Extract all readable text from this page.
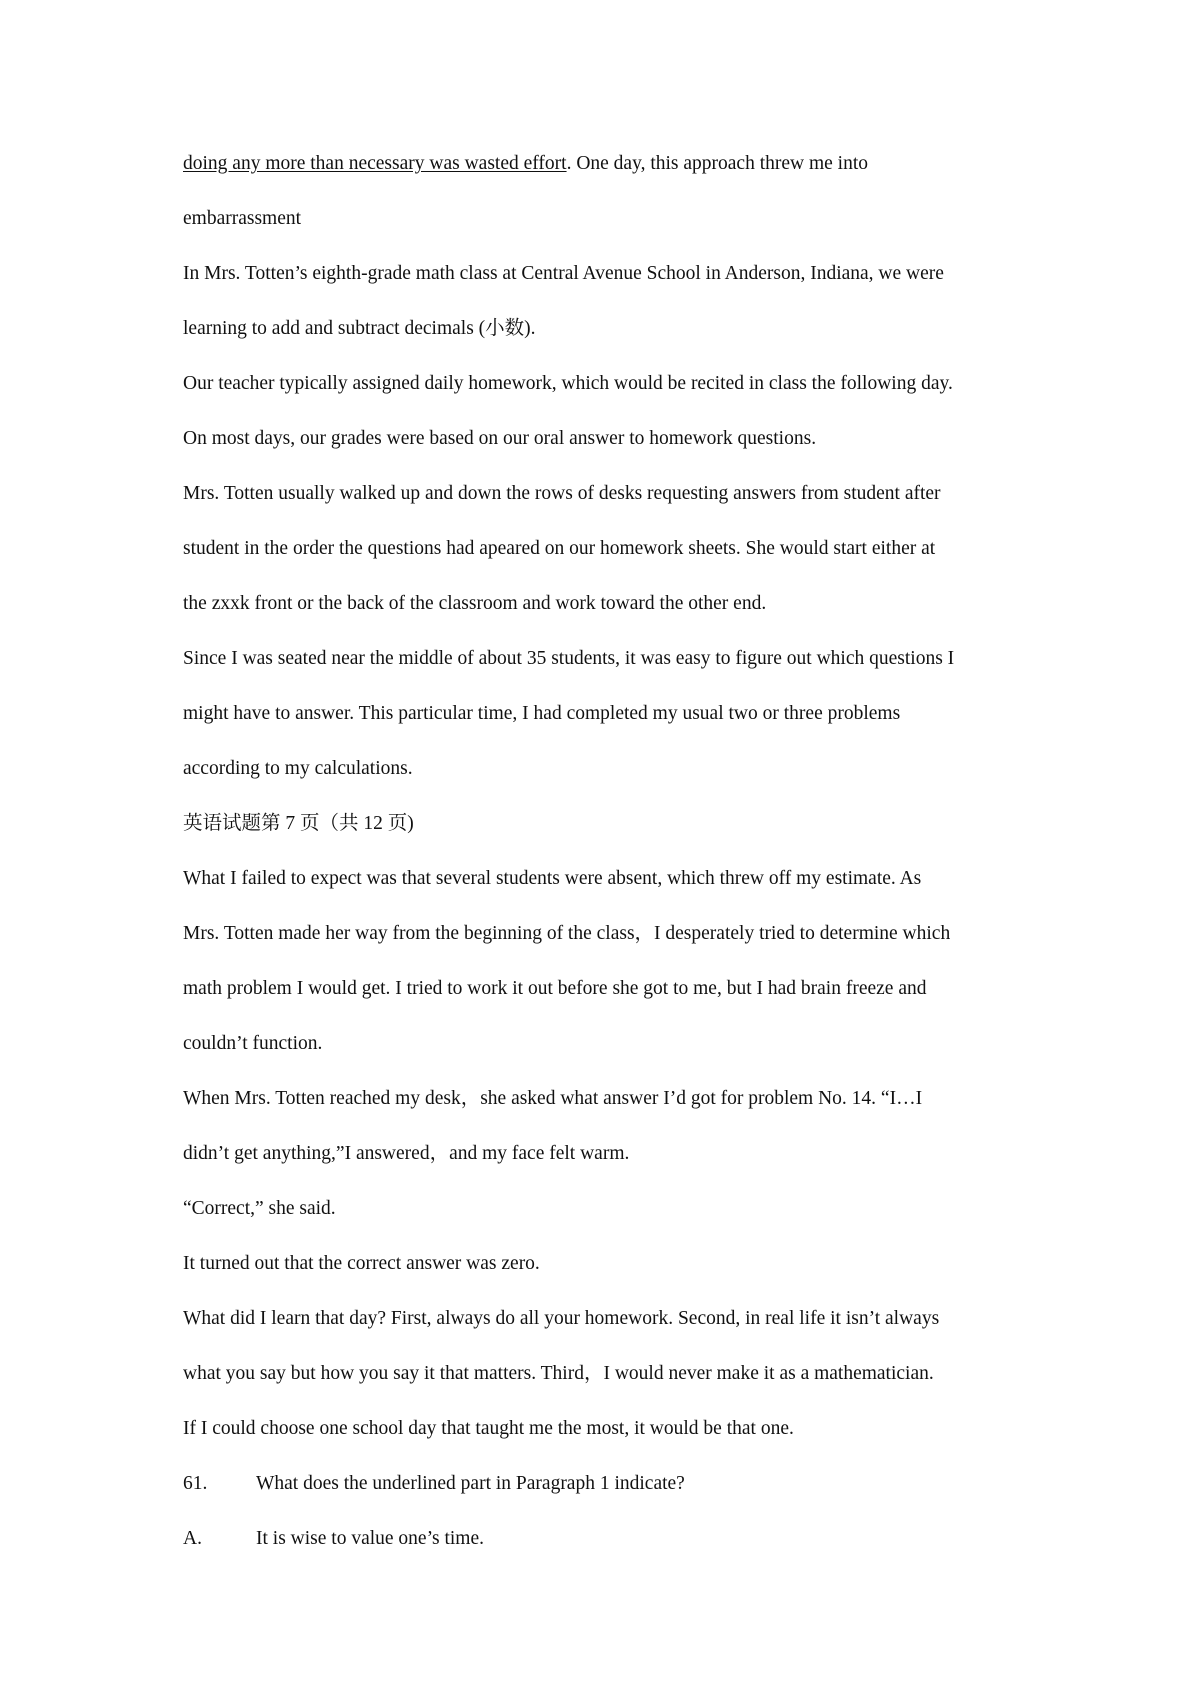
doing any more than necessary was wasted effort. One day, this approach threw me into
embarrassment
In Mrs. Totten’s eighth-grade math class at Central Avenue School in Anderson, Indiana, we were
learning to add and subtract decimals (小数).
Our teacher typically assigned daily homework, which would be recited in class the following day.
On most days, our grades were based on our oral answer to homework questions.
Mrs. Totten usually walked up and down the rows of desks requesting answers from student after
student in the order the questions had apeared on our homework sheets. She would start either at
the zxxk front or the back of the classroom and work toward the other end.
Since I was seated near the middle of about 35 students, it was easy to figure out which questions I
might have to answer. This particular time, I had completed my usual two or three problems
according to my calculations.
英语试题第 7 页（共 12 页)
What I failed to expect was that several students were absent, which threw off my estimate. As
Mrs. Totten made her way from the beginning of the class，I desperately tried to determine which
math problem I would get. I tried to work it out before she got to me, but I had brain freeze and
couldn’t function.
When Mrs. Totten reached my desk，she asked what answer I’d got for problem No. 14. “I…I
didn’t get anything,”I answered，and my face felt warm.
“Correct,” she said.
It turned out that the correct answer was zero.
What did I learn that day? First, always do all your homework. Second, in real life it isn’t always
what you say but how you say it that matters. Third，I would never make it as a mathematician.
If I could choose one school day that taught me the most, it would be that one.
61. What does the underlined part in Paragraph 1 indicate?
A.	It is wise to value one’s time.
